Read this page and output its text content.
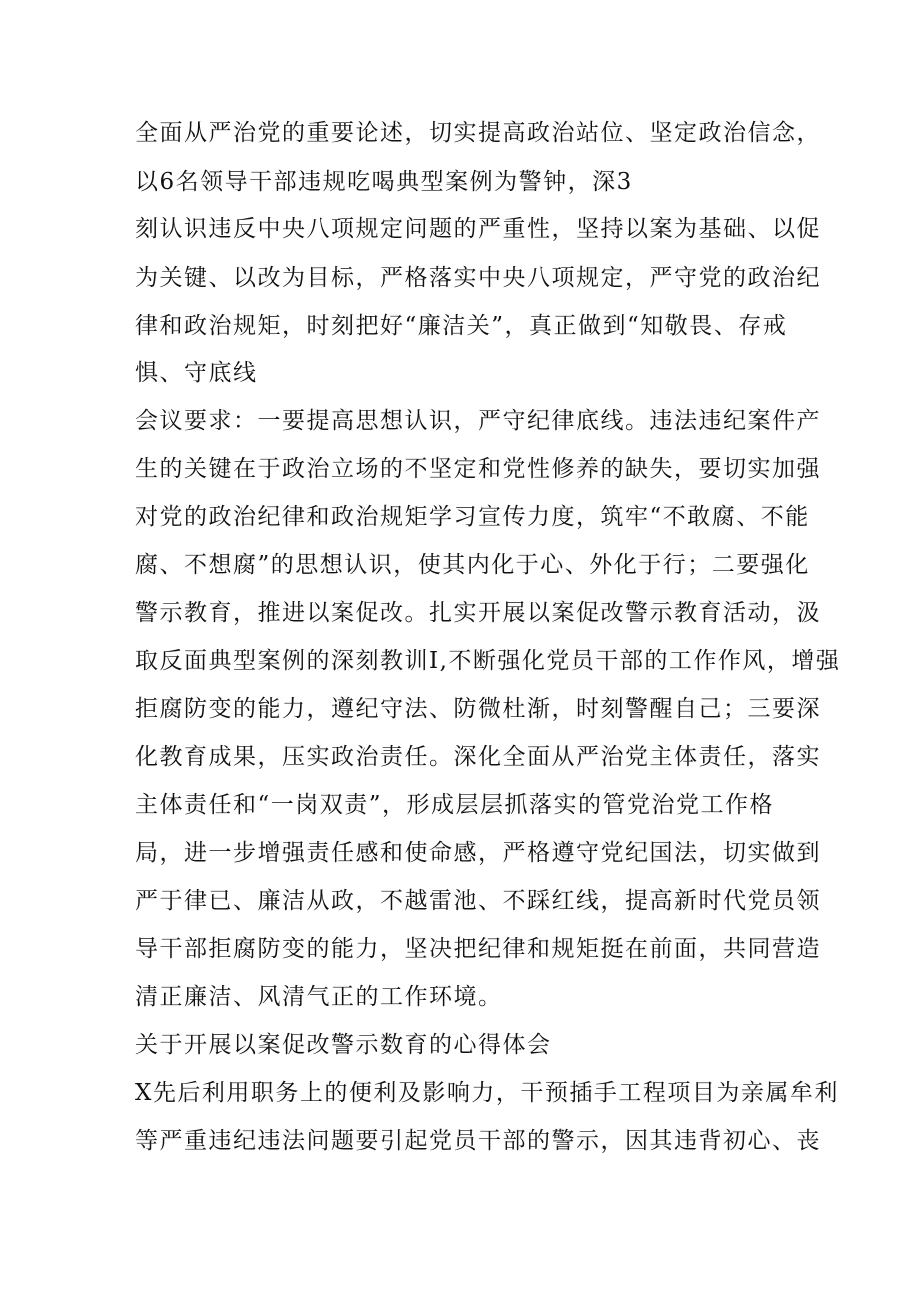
全面从严治党的重要论述，切实提高政治站位、坚定政治信念，
以6名领导干部违规吃喝典型案例为警钟，深3
刻认识违反中央八项规定问题的严重性，坚持以案为基础、以促
为关键、以改为目标，严格落实中央八项规定，严守党的政治纪
律和政治规矩，时刻把好“廉洁关”，真正做到“知敬畏、存戒
惧、守底线
会议要求：一要提高思想认识，严守纪律底线。违法违纪案件产
生的关键在于政治立场的不坚定和党性修养的缺失，要切实加强
对党的政治纪律和政治规矩学习宣传力度，筑牢“不敢腐、不能
腐、不想腐”的思想认识，使其内化于心、外化于行；二要强化
警示教育，推进以案促改。扎实开展以案促改警示教育活动，汲
取反面典型案例的深刻教训I,不断强化党员干部的工作作风，增强
拒腐防变的能力，遵纪守法、防微杜渐，时刻警醒自己；三要深
化教育成果，压实政治责任。深化全面从严治党主体责任，落实
主体责任和“一岗双责”，形成层层抓落实的管党治党工作格
局，进一步增强责任感和使命感，严格遵守党纪国法，切实做到
严于律已、廉洁从政，不越雷池、不踩红线，提高新时代党员领
导干部拒腐防变的能力，坚决把纪律和规矩挺在前面，共同营造
清正廉洁、风清气正的工作环境。
关于开展以案促改警示数育的心得体会
X先后利用职务上的便利及影响力，干预插手工程项目为亲属牟利
等严重违纪违法问题要引起党员干部的警示，因其违背初心、丧
